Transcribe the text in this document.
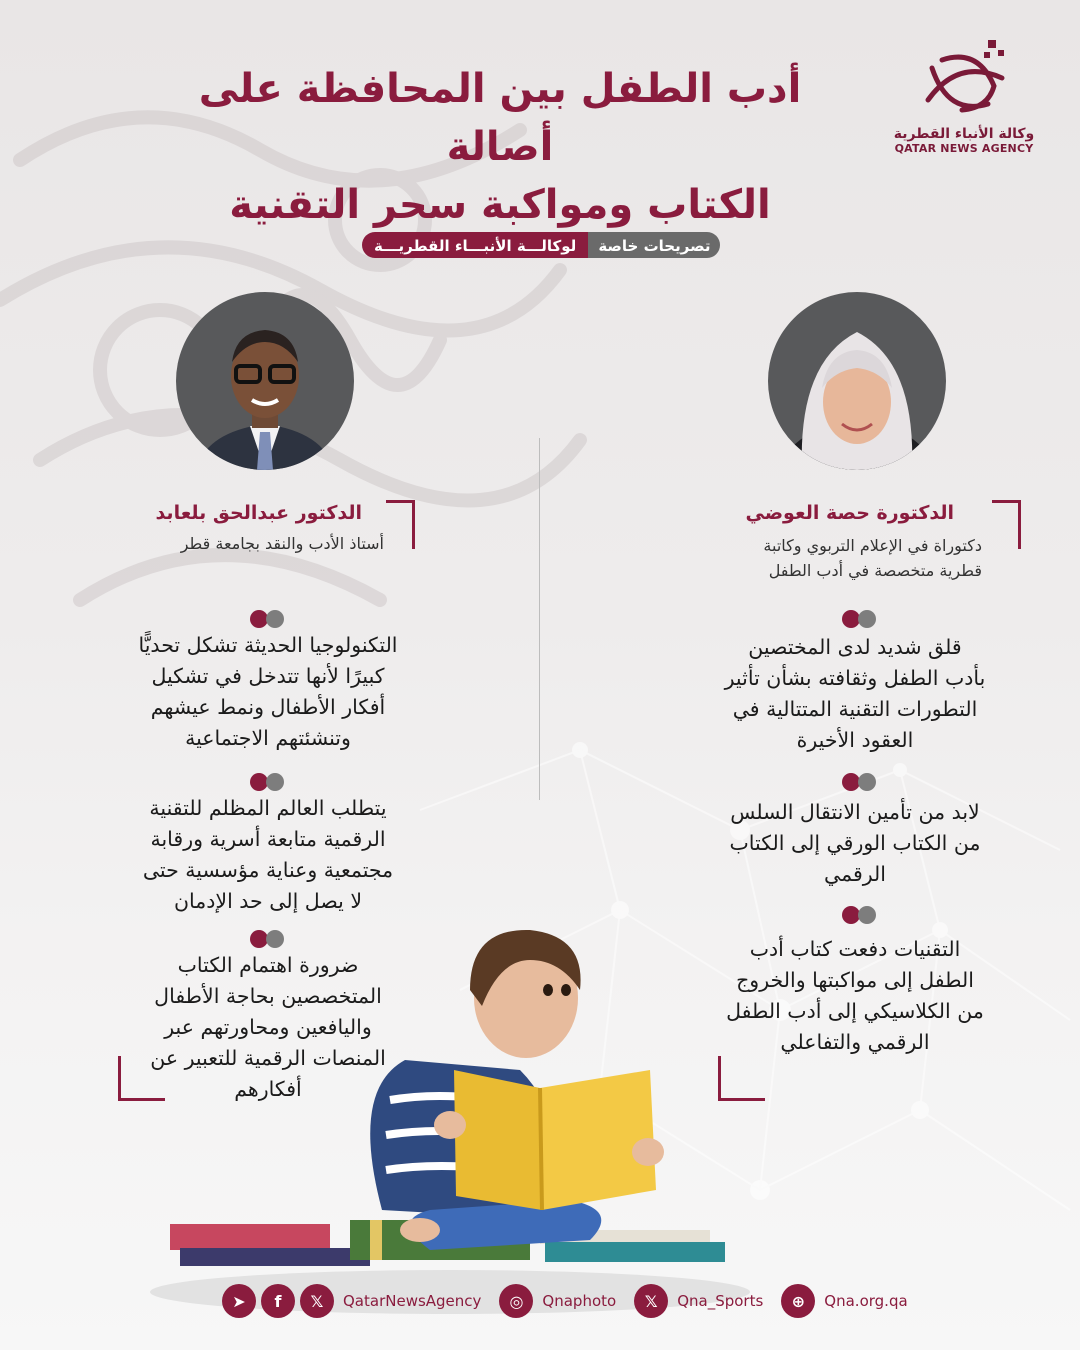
وكالة الأنباء القطرية
QATAR NEWS AGENCY
أدب الطفل بين المحافظة على أصالة
الكتاب ومواكبة سحر التقنية
تصريحات خاصة
لوكالـــة الأنبـــاء القطريـــة
الدكتورة حصة العوضي
دكتوراة في الإعلام التربوي وكاتبة
قطرية متخصصة في أدب الطفل
الدكتور عبدالحق بلعابد
أستاذ الأدب والنقد بجامعة قطر
قلق شديد لدى المختصين
بأدب الطفل وثقافته بشأن تأثير
التطورات التقنية المتتالية في
العقود الأخيرة
لابد من تأمين الانتقال السلس
من الكتاب الورقي إلى الكتاب
الرقمي
التقنيات دفعت كتاب أدب
الطفل إلى مواكبتها والخروج
من الكلاسيكي إلى أدب الطفل
الرقمي والتفاعلي
التكنولوجيا الحديثة تشكل تحديًّا
كبيرًا لأنها تتدخل في تشكيل
أفكار الأطفال ونمط عيشهم
وتنشئتهم الاجتماعية
يتطلب العالم المظلم للتقنية
الرقمية متابعة أسرية ورقابة
مجتمعية وعناية مؤسسية حتى
لا يصل إلى حد الإدمان
ضرورة اهتمام الكتاب
المتخصصين بحاجة الأطفال
واليافعين ومحاورتهم عبر
المنصات الرقمية للتعبير عن
أفكارهم
➤	f	𝕏	QatarNewsAgency	◎	Qnaphoto	𝕏	Qna_Sports	⊕	Qna.org.qa
